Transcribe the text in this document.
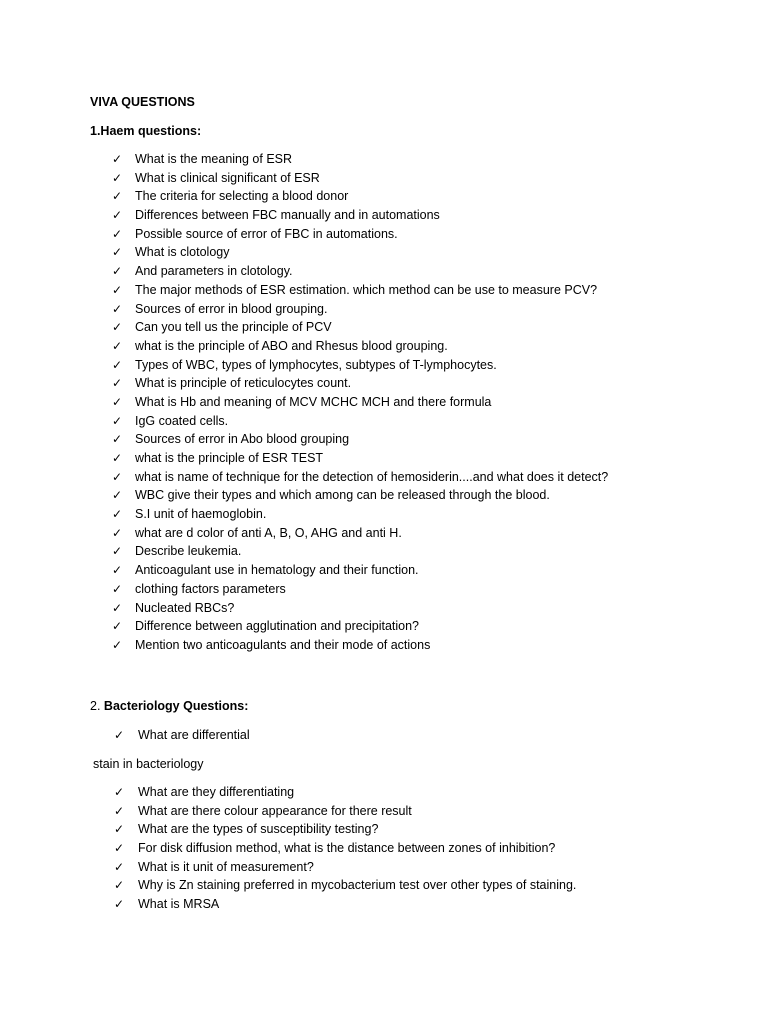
VIVA QUESTIONS

1.Haem questions:

✓ What is the meaning of ESR
✓ What is clinical significant of ESR
✓ The criteria for selecting a blood donor
✓ Differences between FBC manually and in automations
✓ Possible source of error of FBC in automations.
✓ What is clotology
✓ And parameters in clotology.
✓ The major methods of ESR estimation. which method can be use to measure PCV?
✓ Sources of error in blood grouping.
✓ Can you tell us the principle of PCV
✓ what is the principle of ABO and Rhesus blood grouping.
✓ Types of WBC, types of lymphocytes, subtypes of T-lymphocytes.
✓ What is principle of reticulocytes count.
✓ What is Hb and meaning of MCV MCHC MCH and there formula
✓ IgG coated cells.
✓ Sources of error in Abo blood grouping
✓ what is the principle of ESR TEST
✓ what is name of technique for the detection of hemosiderin....and what does it detect?
✓ WBC give their types and which among can be released through the blood.
✓ S.I unit of haemoglobin.
✓ what are d color of anti A, B, O, AHG and anti H.
✓ Describe leukemia.
✓ Anticoagulant use in hematology and their function.
✓ clothing factors parameters
✓ Nucleated RBCs?
✓ Difference between agglutination and precipitation?
✓ Mention two anticoagulants and their mode of actions

2. Bacteriology Questions:

✓ What are differential

stain in bacteriology

✓ What are they differentiating
✓ What are there colour appearance for there result
✓ What are the types of susceptibility testing?
✓ For disk diffusion method, what is the distance between zones of inhibition?
✓ What is it unit of measurement?
✓ Why is Zn staining preferred in mycobacterium test over other types of staining.
✓ What is MRSA
